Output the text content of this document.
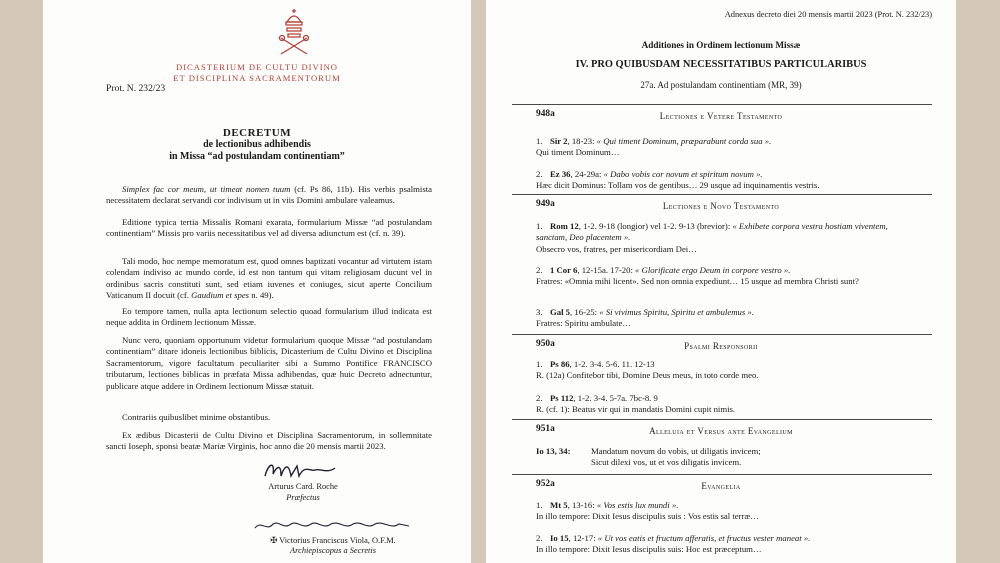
DICASTERIUM DE CULTU DIVINO
ET DISCIPLINA SACRAMENTORUM
Prot. N. 232/23
DECRETUM
de lectionibus adhibendis
in Missa “ad postulandam continentiam”
Simplex fac cor meum, ut timeat nomen tuum (cf. Ps 86, 11b). His verbis psalmista necessitatem declarat servandi cor indivisum ut in viis Domini ambulare valeamus.
Editione typica tertia Missalis Romani exarata, formularium Missæ “ad postulandam continentiam” Missis pro variis necessitatibus vel ad diversa adiunctum est (cf. n. 39).
Tali modo, hoc nempe memoratum est, quod omnes baptizati vocantur ad virtutem istam colendam indiviso ac mundo corde, id est non tantum qui vitam religiosam ducunt vel in ordinibus sacris constituti sunt, sed etiam iuvenes et coniuges, sicut aperte Concilium Vaticanum II docuit (cf. Gaudium et spes n. 49).
Eo tempore tamen, nulla apta lectionum selectio quoad formularium illud indicata est neque addita in Ordinem lectionum Missæ.
Nunc vero, quoniam opportunum videtur formularium quoque Missæ “ad postulandam continentiam” ditare idoneis lectionibus biblicis, Dicasterium de Cultu Divino et Disciplina Sacramentorum, vigore facultatum peculiariter sibi a Summo Pontifice FRANCISCO tributarum, lectiones biblicas in præfata Missa adhibendas, quæ huic Decreto adnectuntur, publicare atque addere in Ordinem lectionum Missæ statuit.
Contrariis quibuslibet minime obstantibus.
Ex ædibus Dicasterii de Cultu Divino et Disciplina Sacramentorum, in sollemnitate sancti Ioseph, sponsi beatæ Mariæ Virginis, hoc anno die 20 mensis martii 2023.
Arturus Card. Roche
Præfectus
✠ Victorius Franciscus Viola, O.F.M.
Archiepiscopus a Secretis
Adnexus decreto diei 20 mensis martii 2023 (Prot. N. 232/23)
Additiones in Ordinem lectionum Missæ
IV. PRO QUIBUSDAM NECESSITATIBUS PARTICULARIBUS
27a. Ad postulandam continentiam (MR, 39)
948a	Lectiones e Vetere Testamento
1. Sir 2, 18-23: « Qui timent Dominum, præparabunt corda sua ».
Qui timent Dominum…
2. Ez 36, 24-29a: « Dabo vobis cor novum et spiritum novum ».
Hæc dicit Dominus: Tollam vos de gentibus… 29 usque ad inquinamentis vestris.
949a	Lectiones e Novo Testamento
1. Rom 12, 1-2. 9-18 (longior) vel 1-2. 9-13 (brevior): « Exhibete corpora vestra hostiam viventem, sanctam, Deo placentem ».
Obsecro vos, fratres, per misericordiam Dei…
2. 1 Cor 6, 12-15a. 17-20: « Glorificate ergo Deum in corpore vestro ».
Fratres: «Omnia mihi licent». Sed non omnia expediunt… 15 usque ad membra Christi sunt?
3. Gal 5, 16-25: « Si vivimus Spiritu, Spiritu et ambulemus ».
Fratres: Spiritu ambulate…
950a	Psalmi Responsorii
1. Ps 86, 1-2. 3-4. 5-6. 11. 12-13
R. (12a) Confitebor tibi, Domine Deus meus, in toto corde meo.
2. Ps 112, 1-2. 3-4. 5-7a. 7bc-8. 9
R. (cf. 1): Beatus vir qui in mandatis Domini cupit nimis.
951a	Alleluia et Versus ante Evangelium
Io 13, 34: Mandatum novum do vobis, ut diligatis invicem;
Sicut dilexi vos, ut et vos diligatis invicem.
952a	Evangelia
1. Mt 5, 13-16: « Vos estis lux mundi ».
In illo tempore: Dixit Iesus discipulis suis : Vos estis sal terræ…
2. Io 15, 12-17: « Ut vos eatis et fructum afferatis, et fructus vester maneat ».
In illo tempore: Dixit Iesus discipulis suis: Hoc est præceptum…
